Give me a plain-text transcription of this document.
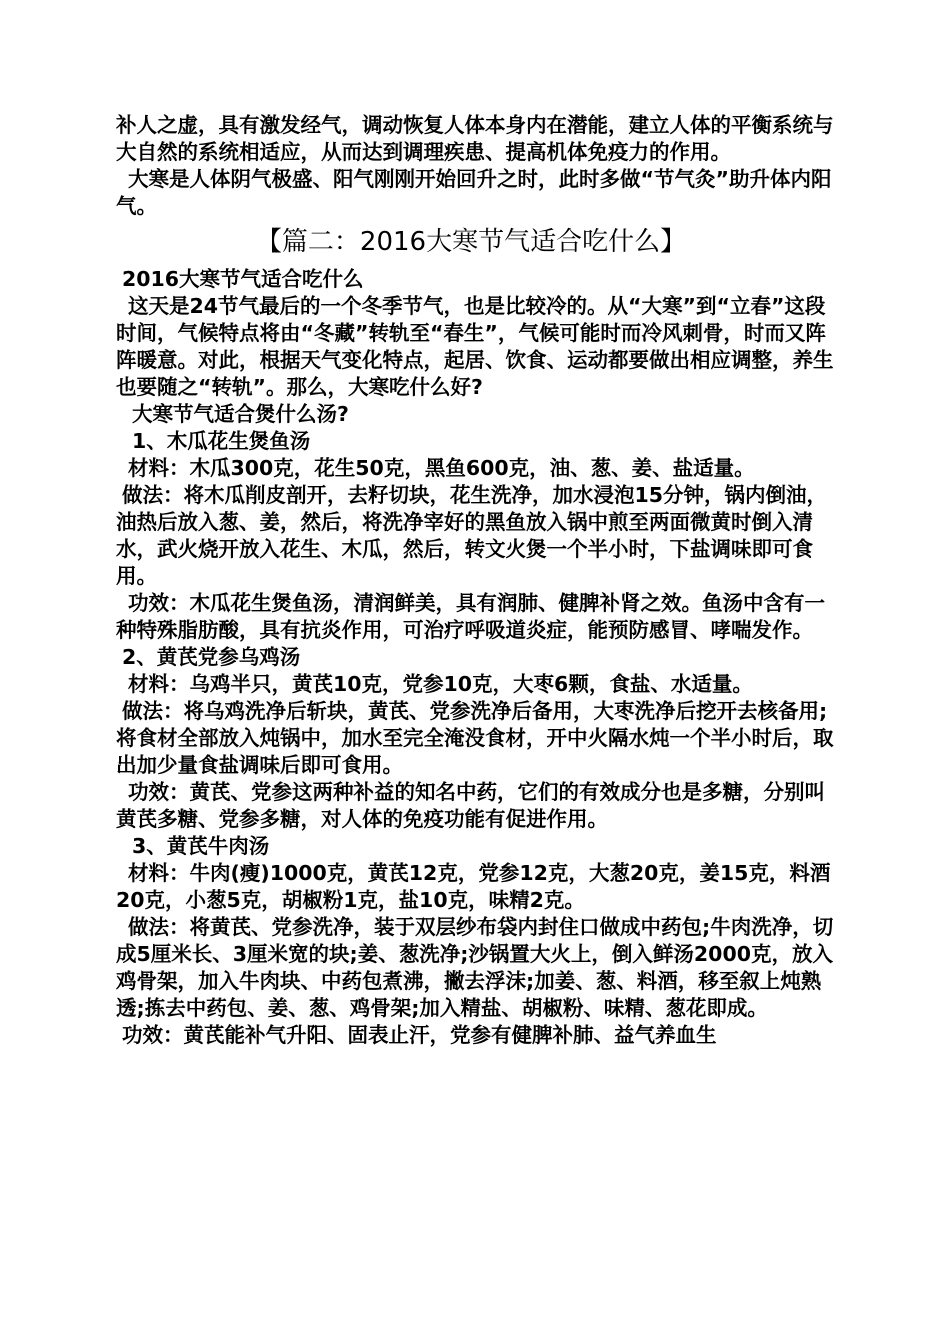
补人之虚，具有激发经气，调动恢复人体本身内在潜能，建立人体的平衡系统与大自然的系统相适应，从而达到调理疾患、提高机体免疫力的作用。

大寒是人体阴气极盛、阳气刚刚开始回升之时，此时多做“节气灸”助升体内阳气。

【篇二：2016大寒节气适合吃什么】

2016大寒节气适合吃什么

这天是24节气最后的一个冬季节气，也是比较冷的。从“大寒”到“立春”这段时间，气候特点将由“冬藏”转轨至“春生”，气候可能时而冷风刺骨，时而又阵阵暖意。对此，根据天气变化特点，起居、饮食、运动都要做出相应调整，养生也要随之“转轨”。那么，大寒吃什么好?

大寒节气适合煲什么汤?

1、木瓜花生煲鱼汤

材料：木瓜300克，花生50克，黑鱼600克，油、葱、姜、盐适量。

做法：将木瓜削皮剖开，去籽切块，花生洗净，加水浸泡15分钟，锅内倒油，油热后放入葱、姜，然后，将洗净宰好的黑鱼放入锅中煎至两面微黄时倒入清水，武火烧开放入花生、木瓜，然后，转文火煲一个半小时，下盐调味即可食用。

功效：木瓜花生煲鱼汤，清润鲜美，具有润肺、健脾补肾之效。鱼汤中含有一种特殊脂肪酸，具有抗炎作用，可治疗呼吸道炎症，能预防感冒、哮喘发作。

2、黄芪党参乌鸡汤

材料：乌鸡半只，黄芪10克，党参10克，大枣6颗，食盐、水适量。

做法：将乌鸡洗净后斩块，黄芪、党参洗净后备用，大枣洗净后挖开去核备用;将食材全部放入炖锅中，加水至完全淹没食材，开中火隔水炖一个半小时后，取出加少量食盐调味后即可食用。

功效：黄芪、党参这两种补益的知名中药，它们的有效成分也是多糖，分别叫黄芪多糖、党参多糖，对人体的免疫功能有促进作用。

3、黄芪牛肉汤

材料：牛肉(瘦)1000克，黄芪12克，党参12克，大葱20克，姜15克，料酒20克，小葱5克，胡椒粉1克，盐10克，味精2克。

做法：将黄芪、党参洗净，装于双层纱布袋内封住口做成中药包;牛肉洗净，切成5厘米长、3厘米宽的块;姜、葱洗净;沙锅置大火上，倒入鲜汤2000克，放入鸡骨架，加入牛肉块、中药包煮沸，撇去浮沫;加姜、葱、料酒，移至叙上炖熟透;拣去中药包、姜、葱、鸡骨架;加入精盐、胡椒粉、味精、葱花即成。

功效：黄芪能补气升阳、固表止汗，党参有健脾补肺、益气养血生
